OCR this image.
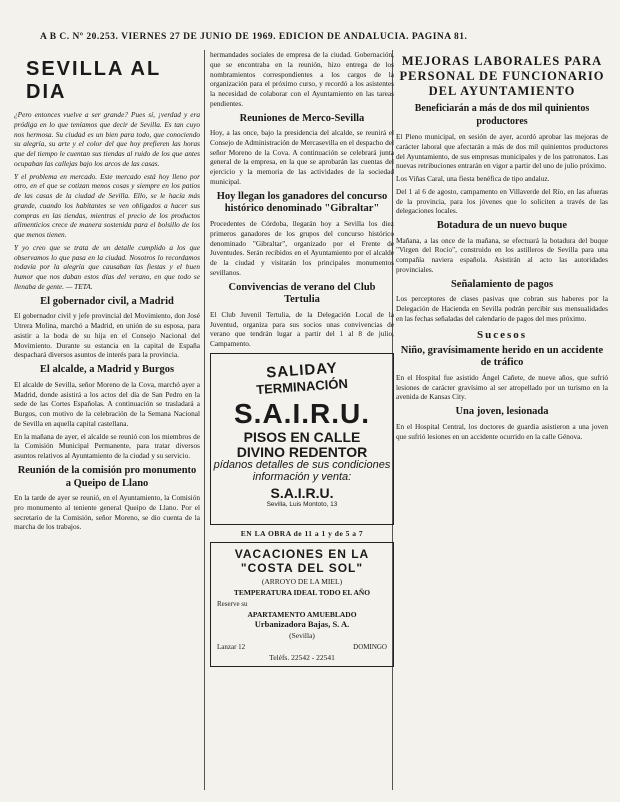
A B C. Nº 20.253. VIERNES 27 DE JUNIO DE 1969. EDICION DE ANDALUCIA. PAGINA 81.
SEVILLA AL DIA

¿Pero entonces vuelve a ser grande? Pues sí, ¡verdad y era pródiga en lo que teníamos que decir de Sevilla. Es tan cuyo nos hermosa. Su ciudad es un bien para todo, que conociendo su alegría, su arte y el color del que hoy prefieren las horas que del tiempo le cuentan sus tiendas al ruido de los que antes ocupaban las callejas bajo los arcos de las casas.

Y el problema en mercado. Este mercado está hoy lleno por otro, en el que se cotizan menos cosas y siempre en los patios de las casas de la ciudad de Sevilla. Ello, se le hacía más grande, cuando los habitantes se ven obligados a hacer sus compras en las tiendas, mientras el precio de los productos alimenticios crece de manera sostenida para el bolsillo de los que menos tienen.

Y yo creo que se trata de un detalle cumplido a los que observamos lo que pasa en la ciudad. Nosotros lo recordamos todavía por la alegría que causaban las fiestas y el buen humor que nos daban estos días del verano, en que todo se llenaba de gente. — TETA.

El gobernador civil, a Madrid

El gobernador civil y jefe provincial del Movimiento, don José Utrera Molina, marchó a Madrid, en unión de su esposa, para asistir a la boda de su hija en el Consejo Nacional del Movimiento. Durante su estancia en la capital de España despachará diversos asuntos de interés para la provincia.

El alcalde, a Madrid y Burgos

El alcalde de Sevilla, señor Moreno de la Cova, marchó ayer a Madrid, donde asistirá a los actos del día de San Pedro en la sede de las Cortes Españolas. A continuación se trasladará a Burgos, con motivo de la celebración de la Semana Nacional de Sevilla en aquella capital castellana.

En la mañana de ayer, el alcalde se reunió con los miembros de la Comisión Municipal Permanente, para tratar diversos asuntos relativos al Ayuntamiento de la ciudad y su servicio.

Reunión de la comisión pro monumento a Queipo de Llano

En la tarde de ayer se reunió, en el Ayuntamiento, la Comisión pro monumento al teniente general Queipo de Llano. Por el secretario de la Comisión, señor Moreno, se dio cuenta de la marcha de los trabajos.

hermandades sociales de empresa de la ciudad. Gobernación, que se encontraba en la reunión, hizo entrega de los nombramientos correspondientes a los cargos de la organización para el próximo curso, y recordó a los asistentes la necesidad de colaborar con el Ayuntamiento en las tareas pendientes.

Reuniones de Merco-Sevilla

Hoy, a las once, bajo la presidencia del alcalde, se reunirá el Consejo de Administración de Mercasevilla en el despacho del señor Moreno de la Cova. A continuación se celebrará junta general de la empresa, en la que se aprobarán las cuentas del ejercicio y la memoria de las actividades de la sociedad municipal.

Hoy llegan los ganadores del concurso histórico denominado "Gibraltar"

Procedentes de Córdoba, llegarán hoy a Sevilla los diez primeros ganadores de los grupos del concurso histórico denominado "Gibraltar", organizado por el Frente de Juventudes. Serán recibidos en el Ayuntamiento por el alcalde de la ciudad y visitarán los principales monumentos sevillanos.

Convivencias de verano del Club Tertulia

El Club Juvenil Tertulia, de la Delegación Local de la Juventud, organiza para sus socios unas convivencias de verano que tendrán lugar a partir del 1 al 8 de julio, Campamento.

SALIDAY
TERMINACIÓN
S.A.I.R.U.
PISOS EN CALLE
DIVINO REDENTOR
pídanos detalles de sus condiciones
información y venta:
S.A.I.R.U.
Sevilla, Luis Montoto, 13
EN LA OBRA de 11 a 1 y de 5 a 7
VACACIONES EN LA "COSTA DEL SOL"
(ARROYO DE LA MIEL)
TEMPERATURA IDEAL TODO EL AÑO
Reserve su
APARTAMENTO AMUEBLADO
Urbanizadora Bajas, S. A.
(Sevilla)
Lanzar 12	DOMINGO
Teléfs. 22542 - 22541
MEJORAS LABORALES PARA PERSONAL DE FUNCIONARIO DEL AYUNTAMIENTO
Beneficiarán a más de dos mil quinientos productores

El Pleno municipal, en sesión de ayer, acordó aprobar las mejoras de carácter laboral que afectarán a más de dos mil quinientos productores del Ayuntamiento, de sus empresas municipales y de los patronatos. Las nuevas retribuciones entrarán en vigor a partir del uno de julio próximo.

Los Viñas Caral, una fiesta benéfica de tipo andaluz.

Del 1 al 6 de agosto, campamento en Villaverde del Río, en las afueras de la provincia, para los jóvenes que lo soliciten a través de las delegaciones locales.

Botadura de un nuevo buque

Mañana, a las once de la mañana, se efectuará la botadura del buque "Virgen del Rocío", construido en los astilleros de Sevilla para una compañía naviera española. Asistirán al acto las autoridades provinciales.

Señalamiento de pagos

Los perceptores de clases pasivas que cobran sus haberes por la Delegación de Hacienda en Sevilla podrán percibir sus mensualidades en las fechas señaladas del calendario de pagos del mes próximo.

Sucesos
Niño, gravísimamente herido en un accidente de tráfico

En el Hospital fue asistido Ángel Cañete, de nueve años, que sufrió lesiones de carácter gravísimo al ser atropellado por un turismo en la avenida de Kansas City.

Una joven, lesionada

En el Hospital Central, los doctores de guardia asistieron a una joven que sufrió lesiones en un accidente ocurrido en la calle Génova.
